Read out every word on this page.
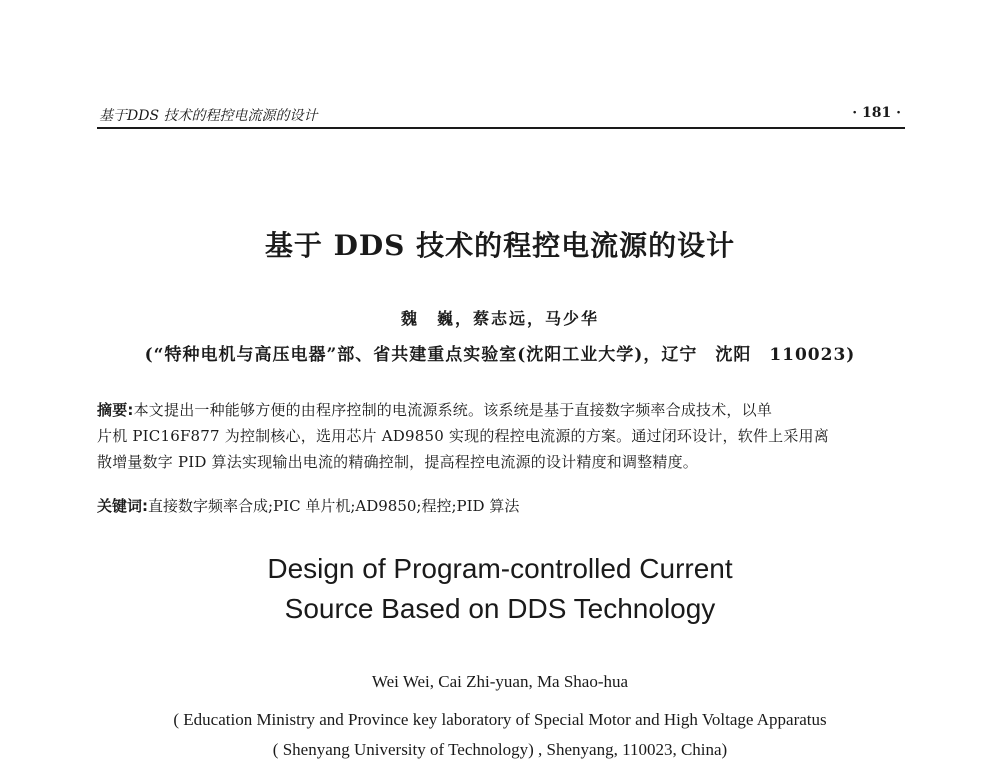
基于DDS 技术的程控电流源的设计	· 181 ·
基于 DDS 技术的程控电流源的设计
魏　巍，蔡志远，马少华
(“特种电机与高压电器”部、省共建重点实验室(沈阳工业大学)，辽宁　沈阳　110023)
摘要:本文提出一种能够方便的由程序控制的电流源系统。该系统是基于直接数字频率合成技术，以单
片机 PIC16F877 为控制核心，选用芯片 AD9850 实现的程控电流源的方案。通过闭环设计，软件上采用离
散增量数字 PID 算法实现输出电流的精确控制，提高程控电流源的设计精度和调整精度。
关键词:直接数字频率合成;PIC 单片机;AD9850;程控;PID 算法
Design of Program-controlled Current
Source Based on DDS Technology
Wei Wei, Cai Zhi-yuan, Ma Shao-hua
( Education Ministry and Province key laboratory of Special Motor and High Voltage Apparatus
( Shenyang University of Technology) , Shenyang, 110023, China)
